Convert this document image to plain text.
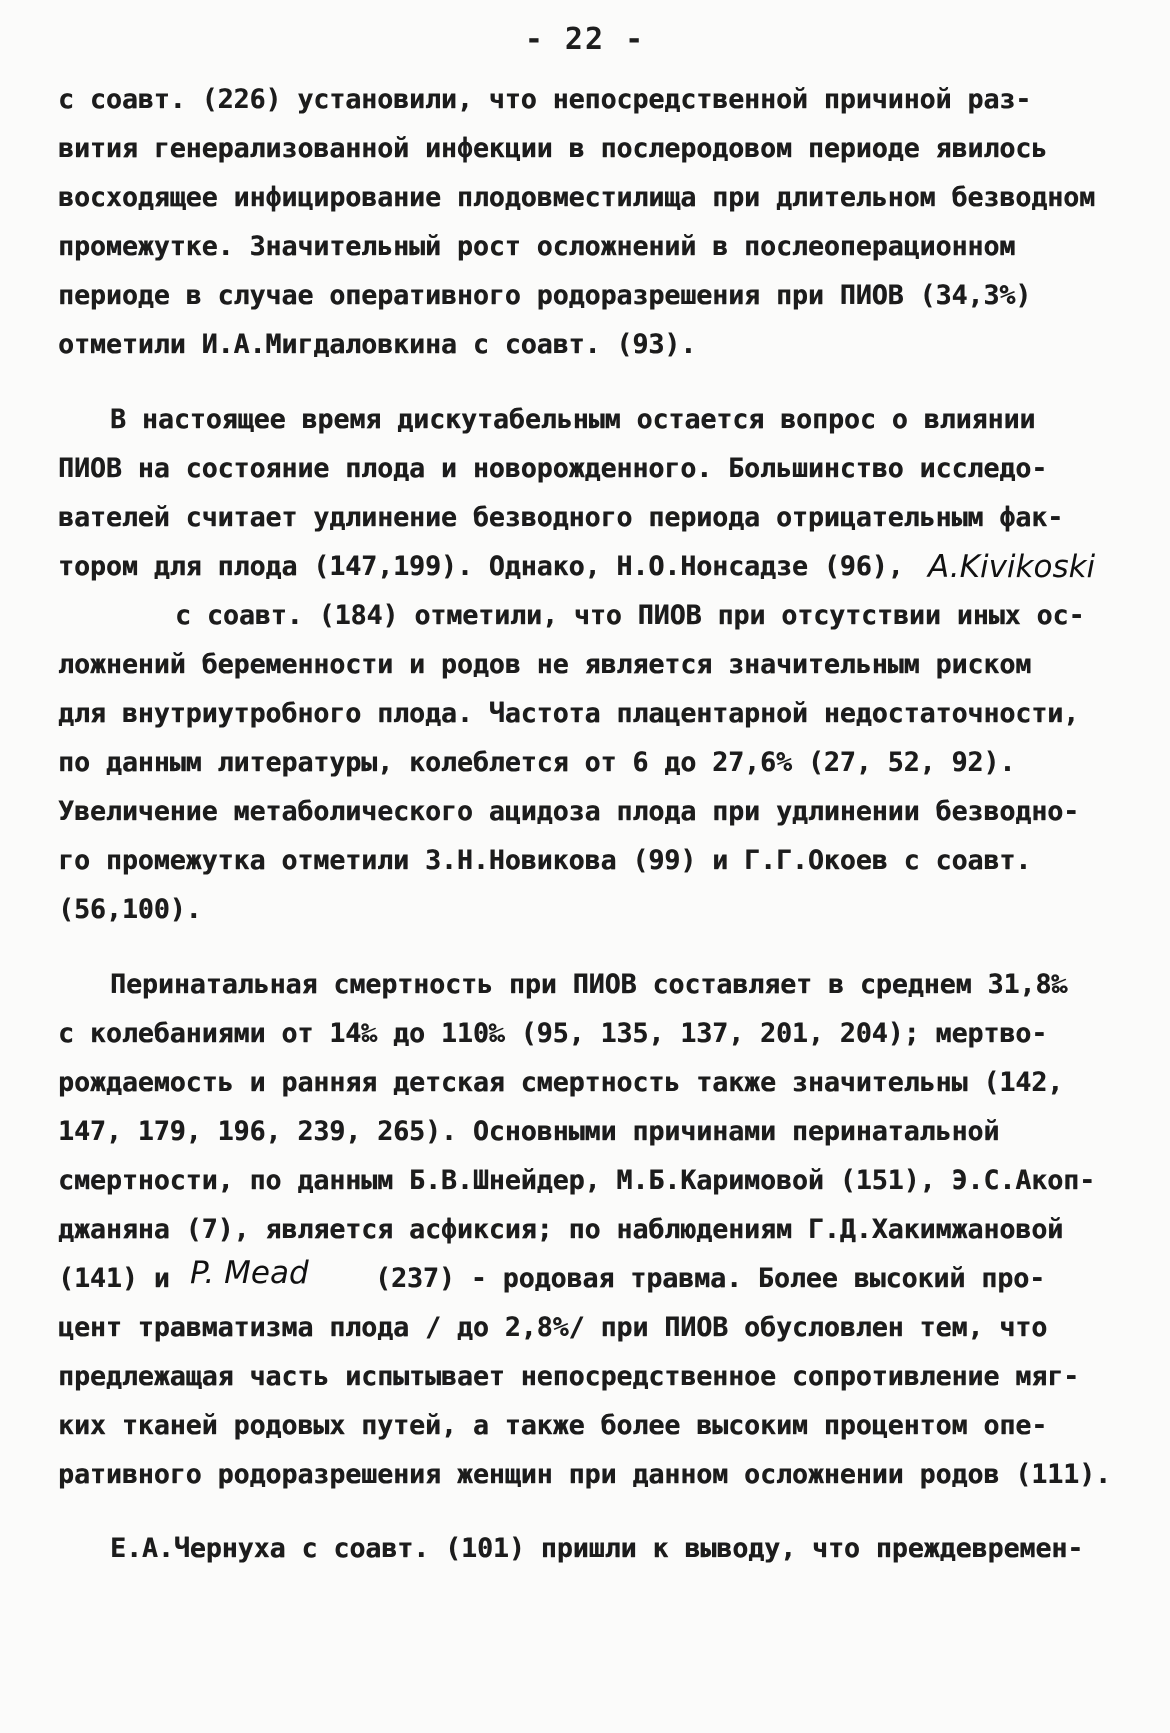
- 22 -
с соавт. (226) установили, что непосредственной причиной раз-
вития генерализованной инфекции в послеродовом периоде явилось
восходящее инфицирование плодовместилища при длительном безводном
промежутке. Значительный рост осложнений в послеоперационном
периоде в случае оперативного родоразрешения при ПИОВ (34,3%)
отметили И.А.Мигдаловкина с соавт. (93).
В настоящее время дискутабельным остается вопрос о влиянии
ПИОВ на состояние плода и новорожденного. Большинство исследо-
вателей считает удлинение безводного периода отрицательным фак-
тором для плода (147,199). Однако, Н.О.Нонсадзе (96), A.Kivikoski
с соавт. (184) отметили, что ПИОВ при отсутствии иных ос-
ложнений беременности и родов не является значительным риском
для внутриутробного плода. Частота плацентарной недостаточности,
по данным литературы, колеблется от 6 до 27,6% (27, 52, 92).
Увеличение метаболического ацидоза плода при удлинении безводно-
го промежутка отметили З.Н.Новикова (99) и Г.Г.Окоев с соавт.
(56,100).
Перинатальная смертность при ПИОВ составляет в среднем 31,8‰
с колебаниями от 14‰ до 110‰ (95, 135, 137, 201, 204); мертво-
рождаемость и ранняя детская смертность также значительны (142,
147, 179, 196, 239, 265). Основными причинами перинатальной
смертности, по данным Б.В.Шнейдер, М.Б.Каримовой (151), Э.С.Акоп-
джаняна (7), является асфиксия; по наблюдениям Г.Д.Хакимжановой
(141) и P. Mead	(237) - родовая травма. Более высокий про-
цент травматизма плода / до 2,8%/ при ПИОВ обусловлен тем, что
предлежащая часть испытывает непосредственное сопротивление мяг-
ких тканей родовых путей, а также более высоким процентом опе-
ративного родоразрешения женщин при данном осложнении родов (111).
Е.А.Чернуха с соавт. (101) пришли к выводу, что преждевремен-
